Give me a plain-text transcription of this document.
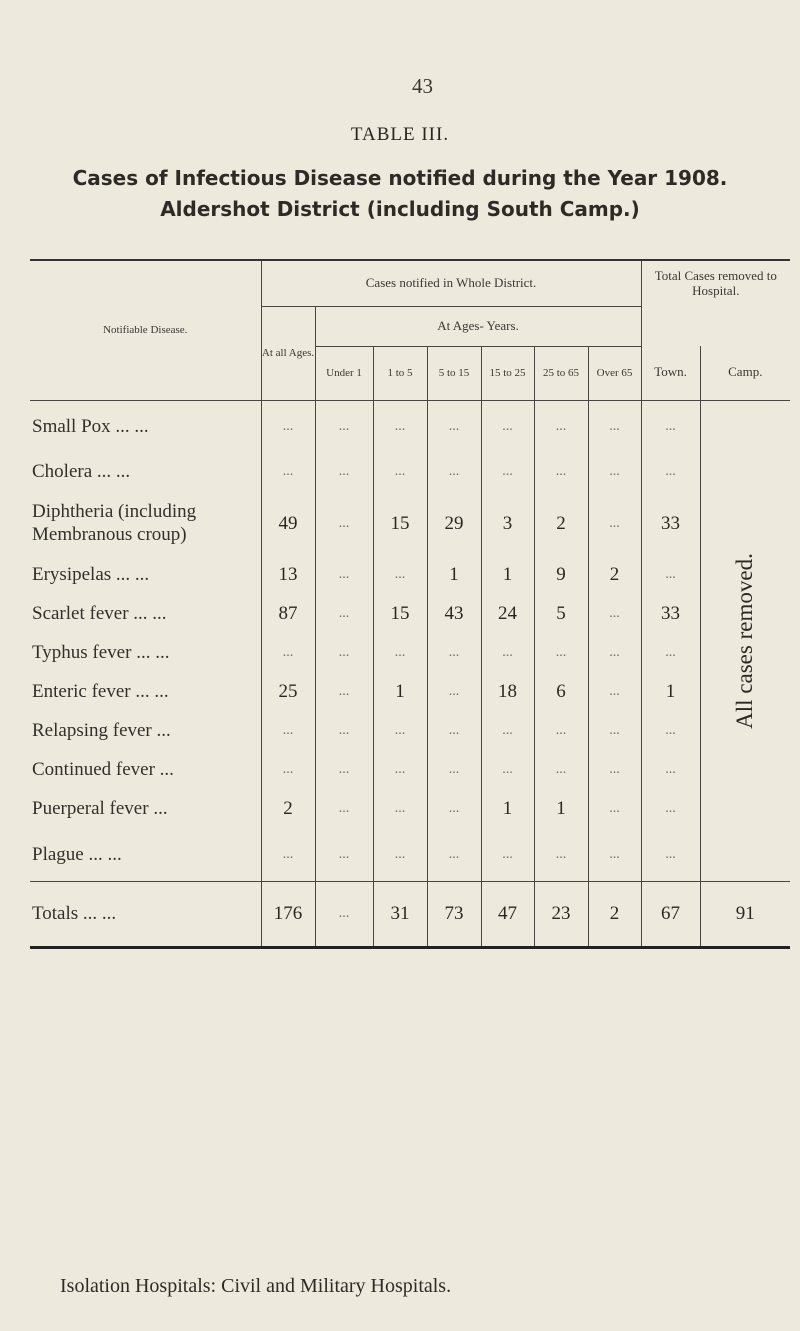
43
TABLE III.
Cases of Infectious Disease notified during the Year 1908.
Aldershot District (including South Camp.)
Notifiable Disease.	Cases notified in Whole District.							Total Cases removed to Hospital.	
	At all Ages.	At Ages- Years.							
		Under 1	1 to 5	5 to 15	15 to 25	25 to 65	Over 65	Town.	Camp.
Small Pox ... ...	...	...	...	...	...	...	...	...	All cases removed.

Cholera ... ...	...	...	...	...	...	...	...	...	
Diphtheria (including Membranous croup)	49	...	15	29	3	2	...	33	
Erysipelas ... ...	13	...	...	1	1	9	2	...	
Scarlet fever ... ...	87	...	15	43	24	5	...	33	
Typhus fever ... ...	...	...	...	...	...	...	...	...	
Enteric fever ... ...	25	...	1	...	18	6	...	1	
Relapsing fever ...	...	...	...	...	...	...	...	...	
Continued fever ...	...	...	...	...	...	...	...	...	
Puerperal fever ...	2	...	...	...	1	1	...	...	
Plague ... ...	...	...	...	...	...	...	...	...	
Totals ... ...	176	...	31	73	47	23	2	67	91
Isolation Hospitals: Civil and Military Hospitals.
